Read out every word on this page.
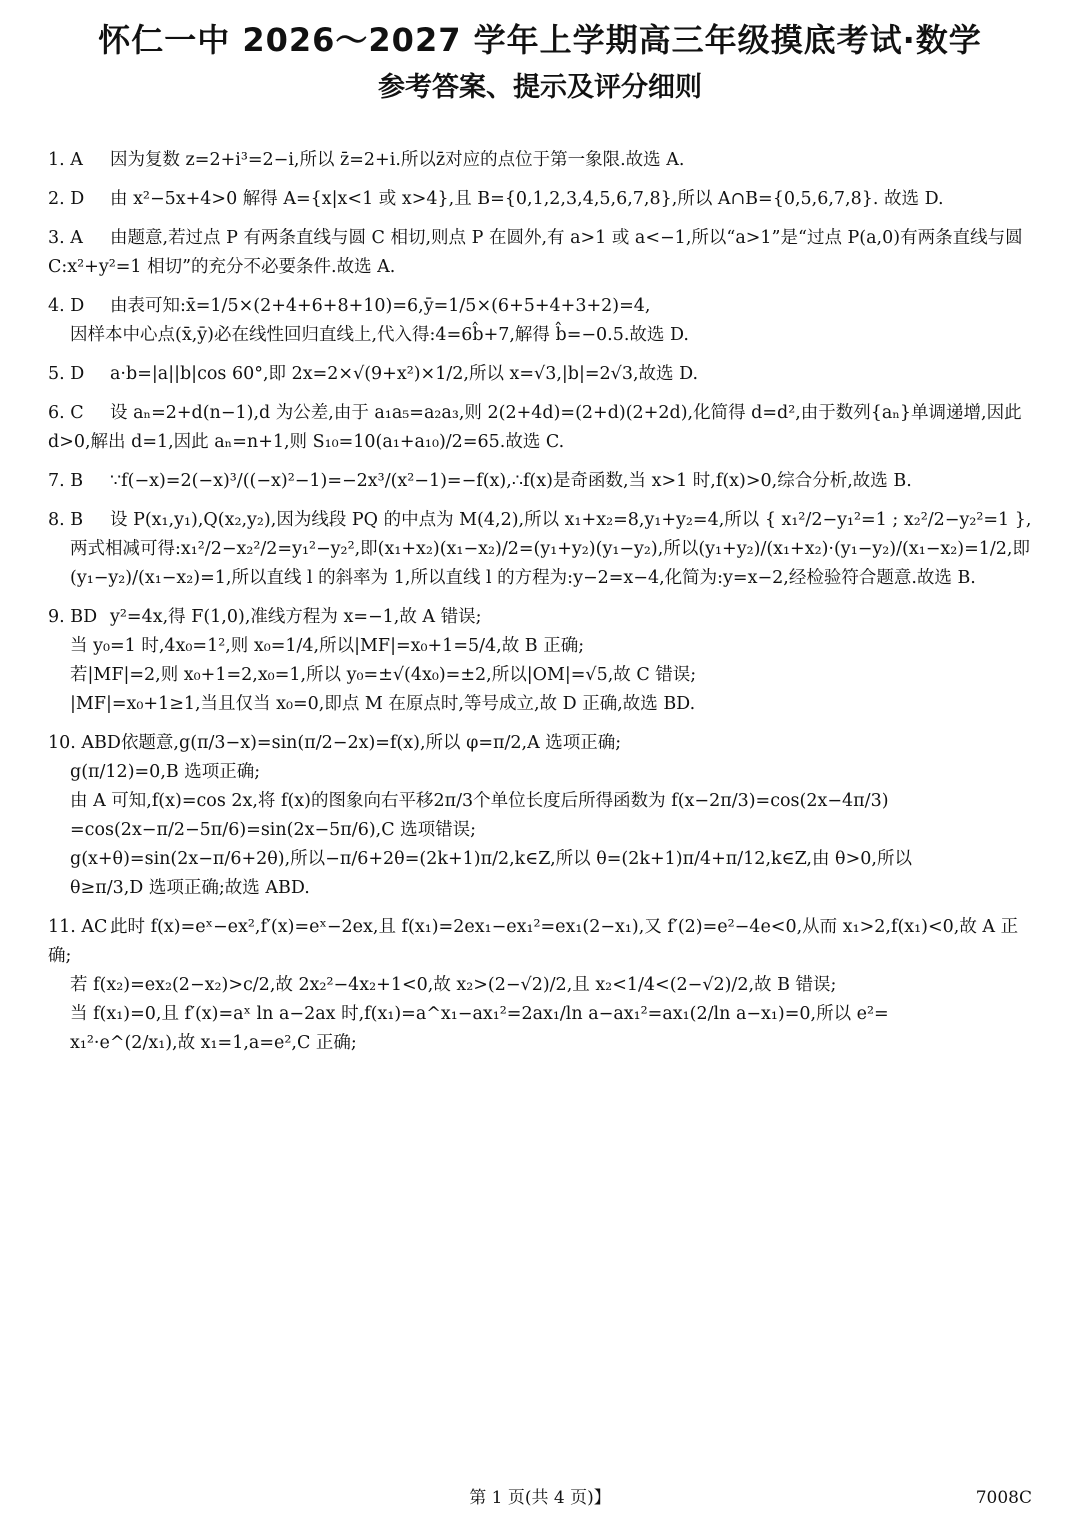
怀仁一中 2026～2027 学年上学期高三年级摸底考试·数学
参考答案、提示及评分细则
1. A 因为复数 z=2+i³=2−i,所以 z̄=2+i.所以z̄对应的点位于第一象限.故选 A.
2. D 由 x²−5x+4>0 解得 A={x|x<1 或 x>4},且 B={0,1,2,3,4,5,6,7,8},所以 A∩B={0,5,6,7,8}. 故选 D.
3. A 由题意,若过点 P 有两条直线与圆 C 相切,则点 P 在圆外,有 a>1 或 a<−1,所以“a>1”是“过点 P(a,0)有两条直线与圆 C:x²+y²=1 相切”的充分不必要条件.故选 A.
4. D 由表可知:x̄=1/5×(2+4+6+8+10)=6,ȳ=1/5×(6+5+4+3+2)=4,
因样本中心点(x̄,ȳ)必在线性回归直线上,代入得:4=6b̂+7,解得 b̂=−0.5.故选 D.
5. D a·b=|a||b|cos 60°,即 2x=2×√(9+x²)×1/2,所以 x=√3,|b|=2√3,故选 D.
6. C 设 aₙ=2+d(n−1),d 为公差,由于 a₁a₅=a₂a₃,则 2(2+4d)=(2+d)(2+2d),化简得 d=d²,由于数列{aₙ}单调递增,因此 d>0,解出 d=1,因此 aₙ=n+1,则 S₁₀=10(a₁+a₁₀)/2=65.故选 C.
7. B ∵f(−x)=2(−x)³/((−x)²−1)=−2x³/(x²−1)=−f(x),∴f(x)是奇函数,当 x>1 时,f(x)>0,综合分析,故选 B.
8. B 设 P(x₁,y₁),Q(x₂,y₂),因为线段 PQ 的中点为 M(4,2),所以 x₁+x₂=8,y₁+y₂=4,所以 { x₁²/2−y₁²=1 ; x₂²/2−y₂²=1 },
两式相减可得:x₁²/2−x₂²/2=y₁²−y₂²,即(x₁+x₂)(x₁−x₂)/2=(y₁+y₂)(y₁−y₂),所以(y₁+y₂)/(x₁+x₂)·(y₁−y₂)/(x₁−x₂)=1/2,即
(y₁−y₂)/(x₁−x₂)=1,所以直线 l 的斜率为 1,所以直线 l 的方程为:y−2=x−4,化简为:y=x−2,经检验符合题意.故选 B.
9. BD y²=4x,得 F(1,0),准线方程为 x=−1,故 A 错误;
当 y₀=1 时,4x₀=1²,则 x₀=1/4,所以|MF|=x₀+1=5/4,故 B 正确;
若|MF|=2,则 x₀+1=2,x₀=1,所以 y₀=±√(4x₀)=±2,所以|OM|=√5,故 C 错误;
|MF|=x₀+1≥1,当且仅当 x₀=0,即点 M 在原点时,等号成立,故 D 正确,故选 BD.
10. ABD依题意,g(π/3−x)=sin(π/2−2x)=f(x),所以 φ=π/2,A 选项正确;
g(π/12)=0,B 选项正确;
由 A 可知,f(x)=cos 2x,将 f(x)的图象向右平移2π/3个单位长度后所得函数为 f(x−2π/3)=cos(2x−4π/3)
=cos(2x−π/2−5π/6)=sin(2x−5π/6),C 选项错误;
g(x+θ)=sin(2x−π/6+2θ),所以−π/6+2θ=(2k+1)π/2,k∈Z,所以 θ=(2k+1)π/4+π/12,k∈Z,由 θ>0,所以
θ≥π/3,D 选项正确;故选 ABD.
11. AC 此时 f(x)=eˣ−ex²,f′(x)=eˣ−2ex,且 f(x₁)=2ex₁−ex₁²=ex₁(2−x₁),又 f′(2)=e²−4e<0,从而 x₁>2,f(x₁)<0,故 A 正确;
若 f(x₂)=ex₂(2−x₂)>c/2,故 2x₂²−4x₂+1<0,故 x₂>(2−√2)/2,且 x₂<1/4<(2−√2)/2,故 B 错误;
当 f(x₁)=0,且 f′(x)=aˣ ln a−2ax 时,f(x₁)=a^x₁−ax₁²=2ax₁/ln a−ax₁²=ax₁(2/ln a−x₁)=0,所以 e²=
x₁²·e^(2/x₁),故 x₁=1,a=e²,C 正确;
第 1 页(共 4 页)】	7008C
